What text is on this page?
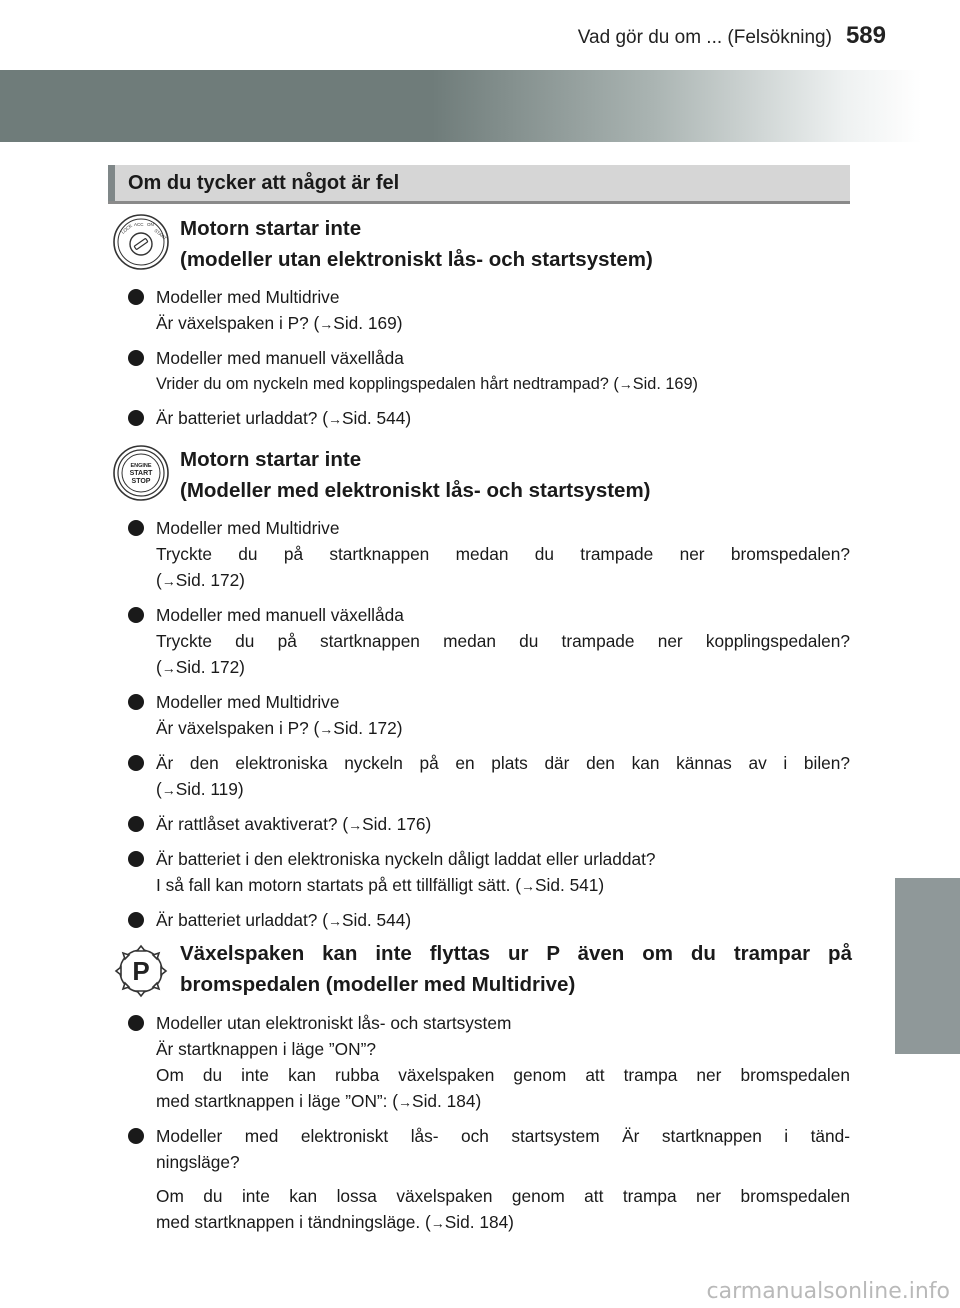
Vad gör du om ... (Felsökning) 589
Om du tycker att något är fel
LOCK ACC ON
START Motorn startar inte
(modeller utan elektroniskt lås- och startsystem)
Modeller med Multidrive
Är växelspaken i P? (→Sid. 169)
Modeller med manuell växellåda
Vrider du om nyckeln med kopplingspedalen hårt nedtrampad? (→Sid. 169)
Är batteriet urladdat? (→Sid. 544)
ENGINE
START
STOP
Motorn startar inte
(Modeller med elektroniskt lås- och startsystem)
Modeller med Multidrive
Tryckte du på startknappen medan du trampade ner bromspedalen?
(→Sid. 172)
Modeller med manuell växellåda
Tryckte du på startknappen medan du trampade ner kopplingspedalen?
(→Sid. 172)
Modeller med Multidrive
Är växelspaken i P? (→Sid. 172)
Är den elektroniska nyckeln på en plats där den kan kännas av i bilen?
(→Sid. 119)
Är rattlåset avaktiverat? (→Sid. 176)
Är batteriet i den elektroniska nyckeln dåligt laddat eller urladdat?
I så fall kan motorn startats på ett tillfälligt sätt. (→Sid. 541)
Är batteriet urladdat? (→Sid. 544)
P
Växelspaken kan inte flyttas ur P även om du trampar på
bromspedalen (modeller med Multidrive)
Modeller utan elektroniskt lås- och startsystem
Är startknappen i läge ”ON”?
Om du inte kan rubba växelspaken genom att trampa ner bromspedalen
med startknappen i läge ”ON”: (→Sid. 184)
Modeller med elektroniskt lås- och startsystem Är startknappen i tänd-
ningsläge?
Om du inte kan lossa växelspaken genom att trampa ner bromspedalen
med startknappen i tändningsläge. (→Sid. 184)
carmanualsonline.info
